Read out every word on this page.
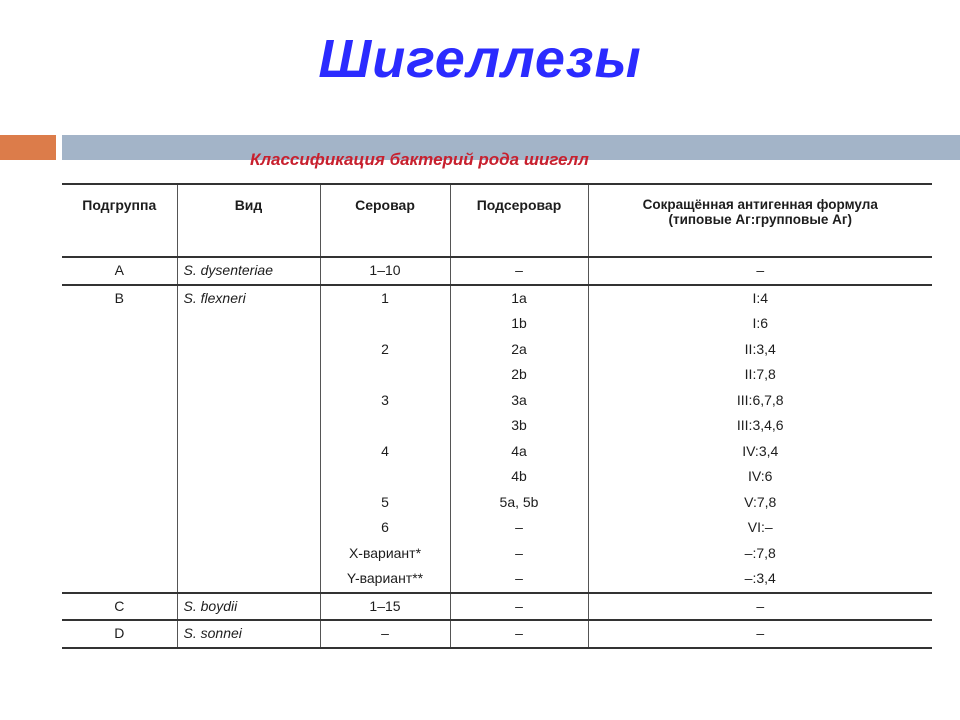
Шигеллезы
Классификация бактерий рода шигелл
Подгруппа	Вид	Серовар	Подсеровар	Сокращённая антигенная формула
(типовые Аг:групповые Аг)

A	S. dysenteriae	1–10	–	–
B	S. flexneri	1	1a	I:4
			1b	I:6
		2	2a	II:3,4
			2b	II:7,8
		3	3a	III:6,7,8
			3b	III:3,4,6
		4	4a	IV:3,4
			4b	IV:6
		5	5a, 5b	V:7,8
		6	–	VI:–
		X-вариант*	–	–:7,8
		Y-вариант**	–	–:3,4
C	S. boydii	1–15	–	–
D	S. sonnei	–	–	–
